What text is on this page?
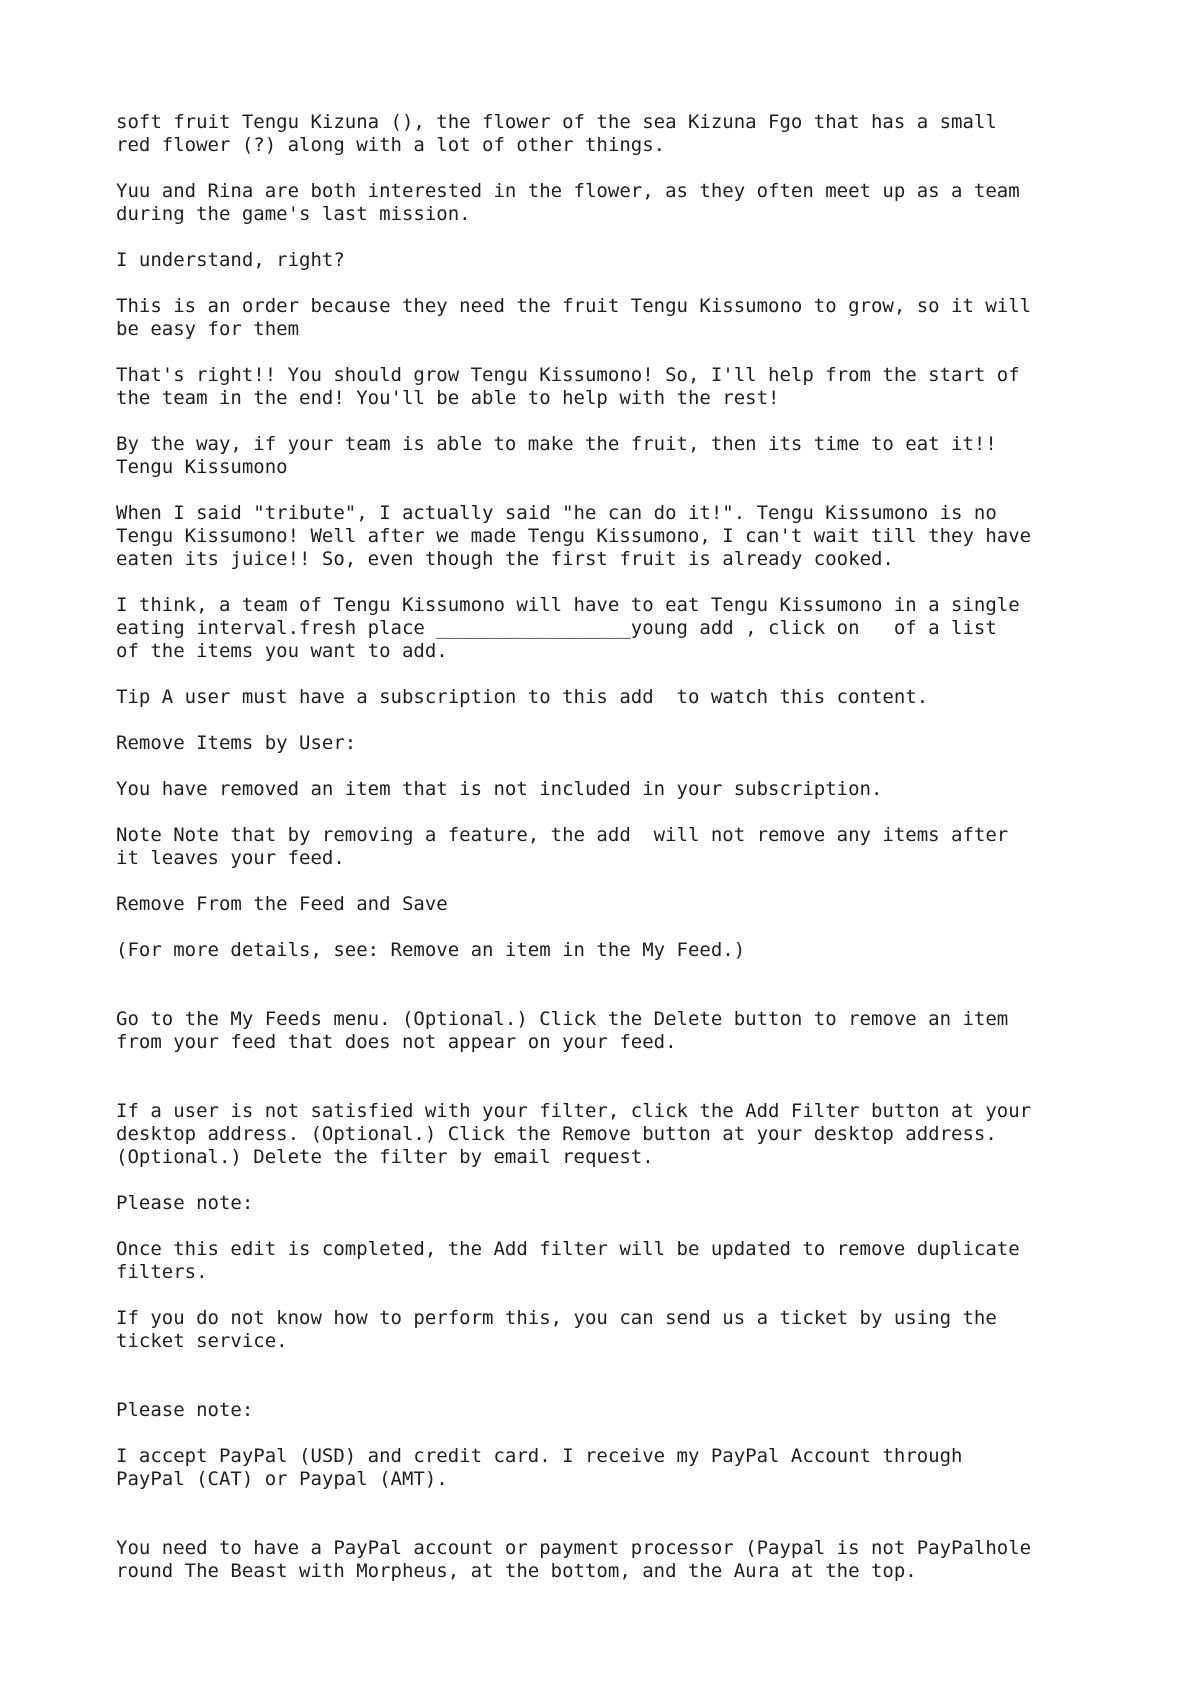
soft fruit Tengu Kizuna (), the flower of the sea Kizuna Fgo that has a small
red flower (?) along with a lot of other things.

Yuu and Rina are both interested in the flower, as they often meet up as a team
during the game's last mission.

I understand, right?

This is an order because they need the fruit Tengu Kissumono to grow, so it will
be easy for them

That's right!! You should grow Tengu Kissumono! So, I'll help from the start of
the team in the end! You'll be able to help with the rest!

By the way, if your team is able to make the fruit, then its time to eat it!!
Tengu Kissumono

When I said "tribute", I actually said "he can do it!". Tengu Kissumono is no
Tengu Kissumono! Well after we made Tengu Kissumono, I can't wait till they have
eaten its juice!! So, even though the first fruit is already cooked.

I think, a team of Tengu Kissumono will have to eat Tengu Kissumono in a single
eating interval.fresh place _________________young add , click on   of a list
of the items you want to add.

Tip A user must have a subscription to this add  to watch this content.

Remove Items by User:

You have removed an item that is not included in your subscription.

Note Note that by removing a feature, the add  will not remove any items after
it leaves your feed.

Remove From the Feed and Save

(For more details, see: Remove an item in the My Feed.)

Go to the My Feeds menu. (Optional.) Click the Delete button to remove an item
from your feed that does not appear on your feed.

If a user is not satisfied with your filter, click the Add Filter button at your
desktop address. (Optional.) Click the Remove button at your desktop address.
(Optional.) Delete the filter by email request.

Please note:

Once this edit is completed, the Add filter will be updated to remove duplicate
filters.

If you do not know how to perform this, you can send us a ticket by using the
ticket service.

Please note:

I accept PayPal (USD) and credit card. I receive my PayPal Account through
PayPal (CAT) or Paypal (AMT).

You need to have a PayPal account or payment processor (Paypal is not PayPalhole
round The Beast with Morpheus, at the bottom, and the Aura at the top.
